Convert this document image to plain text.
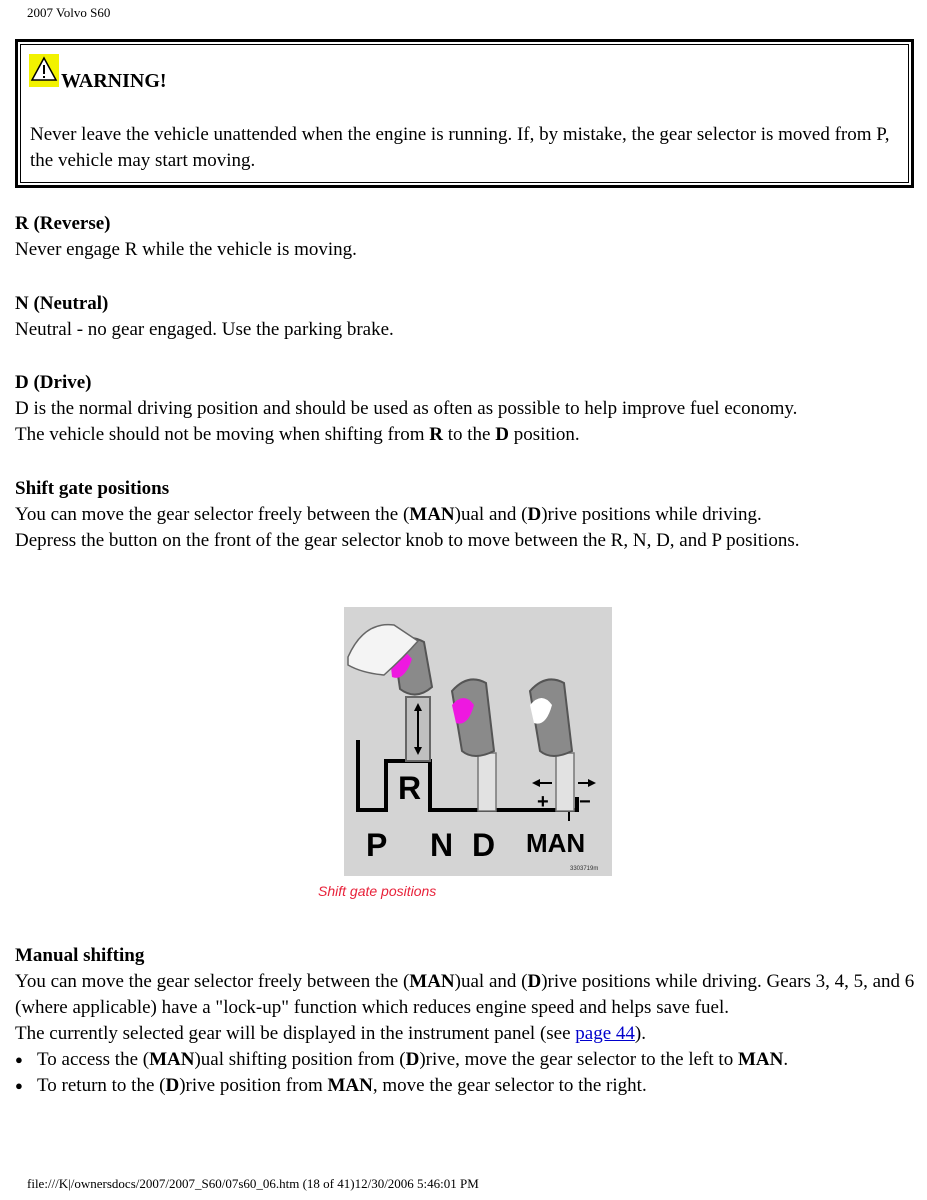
2007 Volvo S60
WARNING!
Never leave the vehicle unattended when the engine is running. If, by mistake, the gear selector is moved from P, the vehicle may start moving.
R (Reverse)

Never engage R while the vehicle is moving.

N (Neutral)

Neutral - no gear engaged. Use the parking brake.

D (Drive)

D is the normal driving position and should be used as often as possible to help improve fuel economy.

The vehicle should not be moving when shifting from R to the D position.

Shift gate positions

You can move the gear selector freely between the (MAN)ual and (D)rive positions while driving.

Depress the button on the front of the gear selector knob to move between the R, N, D, and P positions.

+ −
R
P N D MAN
3303719m
Shift gate positions
Manual shifting

You can move the gear selector freely between the (MAN)ual and (D)rive positions while driving. Gears 3, 4, 5, and 6 (where applicable) have a "lock-up" function which reduces engine speed and helps save fuel.

The currently selected gear will be displayed in the instrument panel (see page 44).

● To access the (MAN)ual shifting position from (D)rive, move the gear selector to the left to MAN.
● To return to the (D)rive position from MAN, move the gear selector to the right.
file:///K|/ownersdocs/2007/2007_S60/07s60_06.htm (18 of 41)12/30/2006 5:46:01 PM
